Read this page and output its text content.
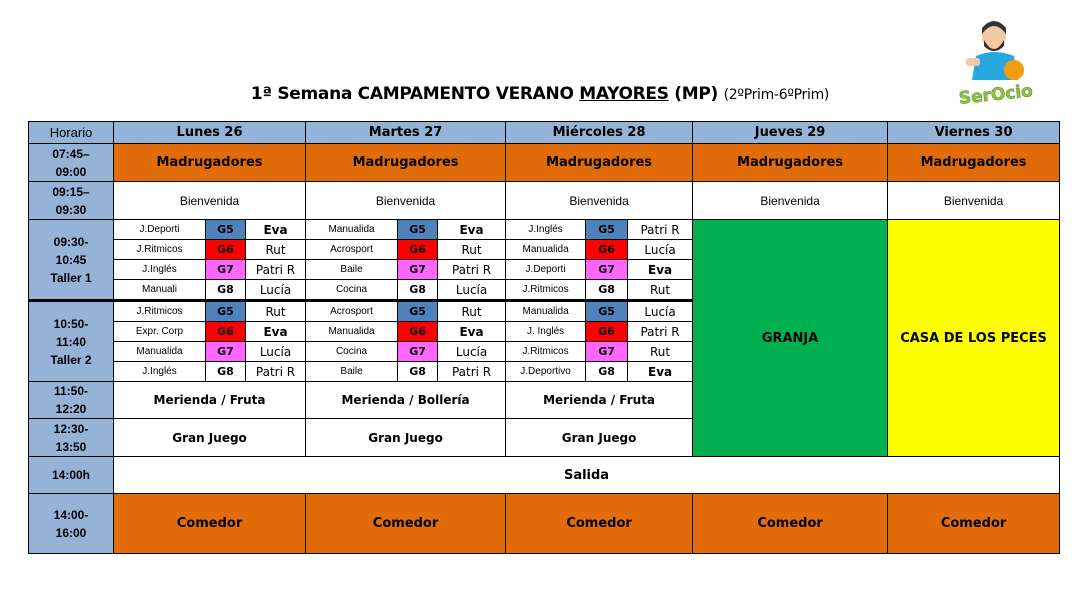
1ª Semana CAMPAMENTO VERANO MAYORES (MP) (2ºPrim-6ºPrim)	SerOcio
Horario	Lunes 26			Martes 27			Miércoles 28			Jueves 29	Viernes 30

07:45–
09:00	Madrugadores			Madrugadores			Madrugadores			Madrugadores	Madrugadores

09:15–
09:30	Bienvenida			Bienvenida			Bienvenida			Bienvenida	Bienvenida

09:30-
10:45
Taller 1	J.Deporti	G5	Eva	Manualida	G5	Eva	J.Inglés	G5	Patri R	GRANJA	CASA DE LOS PECES
	J.Ritmicos	G6	Rut	Acrosport	G6	Rut	Manualida	G6	Lucía		
	J.Inglés	G7	Patri R	Baile	G7	Patri R	J.Deporti	G7	Eva		
	Manuali	G8	Lucía	Cocina	G8	Lucía	J.Ritmicos	G8	Rut		

10:50-
11:40
Taller 2	J.Ritmicos	G5	Rut	Acrosport	G5	Rut	Manualida	G5	Lucía		
	Expr. Corp	G6	Eva	Manualida	G6	Eva	J. Inglés	G6	Patri R		
	Manualida	G7	Lucía	Cocina	G7	Lucía	J.Ritmicos	G7	Rut		
	J.Inglés	G8	Patri R	Baile	G8	Patri R	J.Deportivo	G8	Eva		

11:50-
12:20	Merienda / Fruta			Merienda / Bollería			Merienda / Fruta				

12:30-
13:50	Gran Juego			Gran Juego			Gran Juego				
14:00h	Salida										

14:00-
16:00	Comedor			Comedor			Comedor			Comedor	Comedor
